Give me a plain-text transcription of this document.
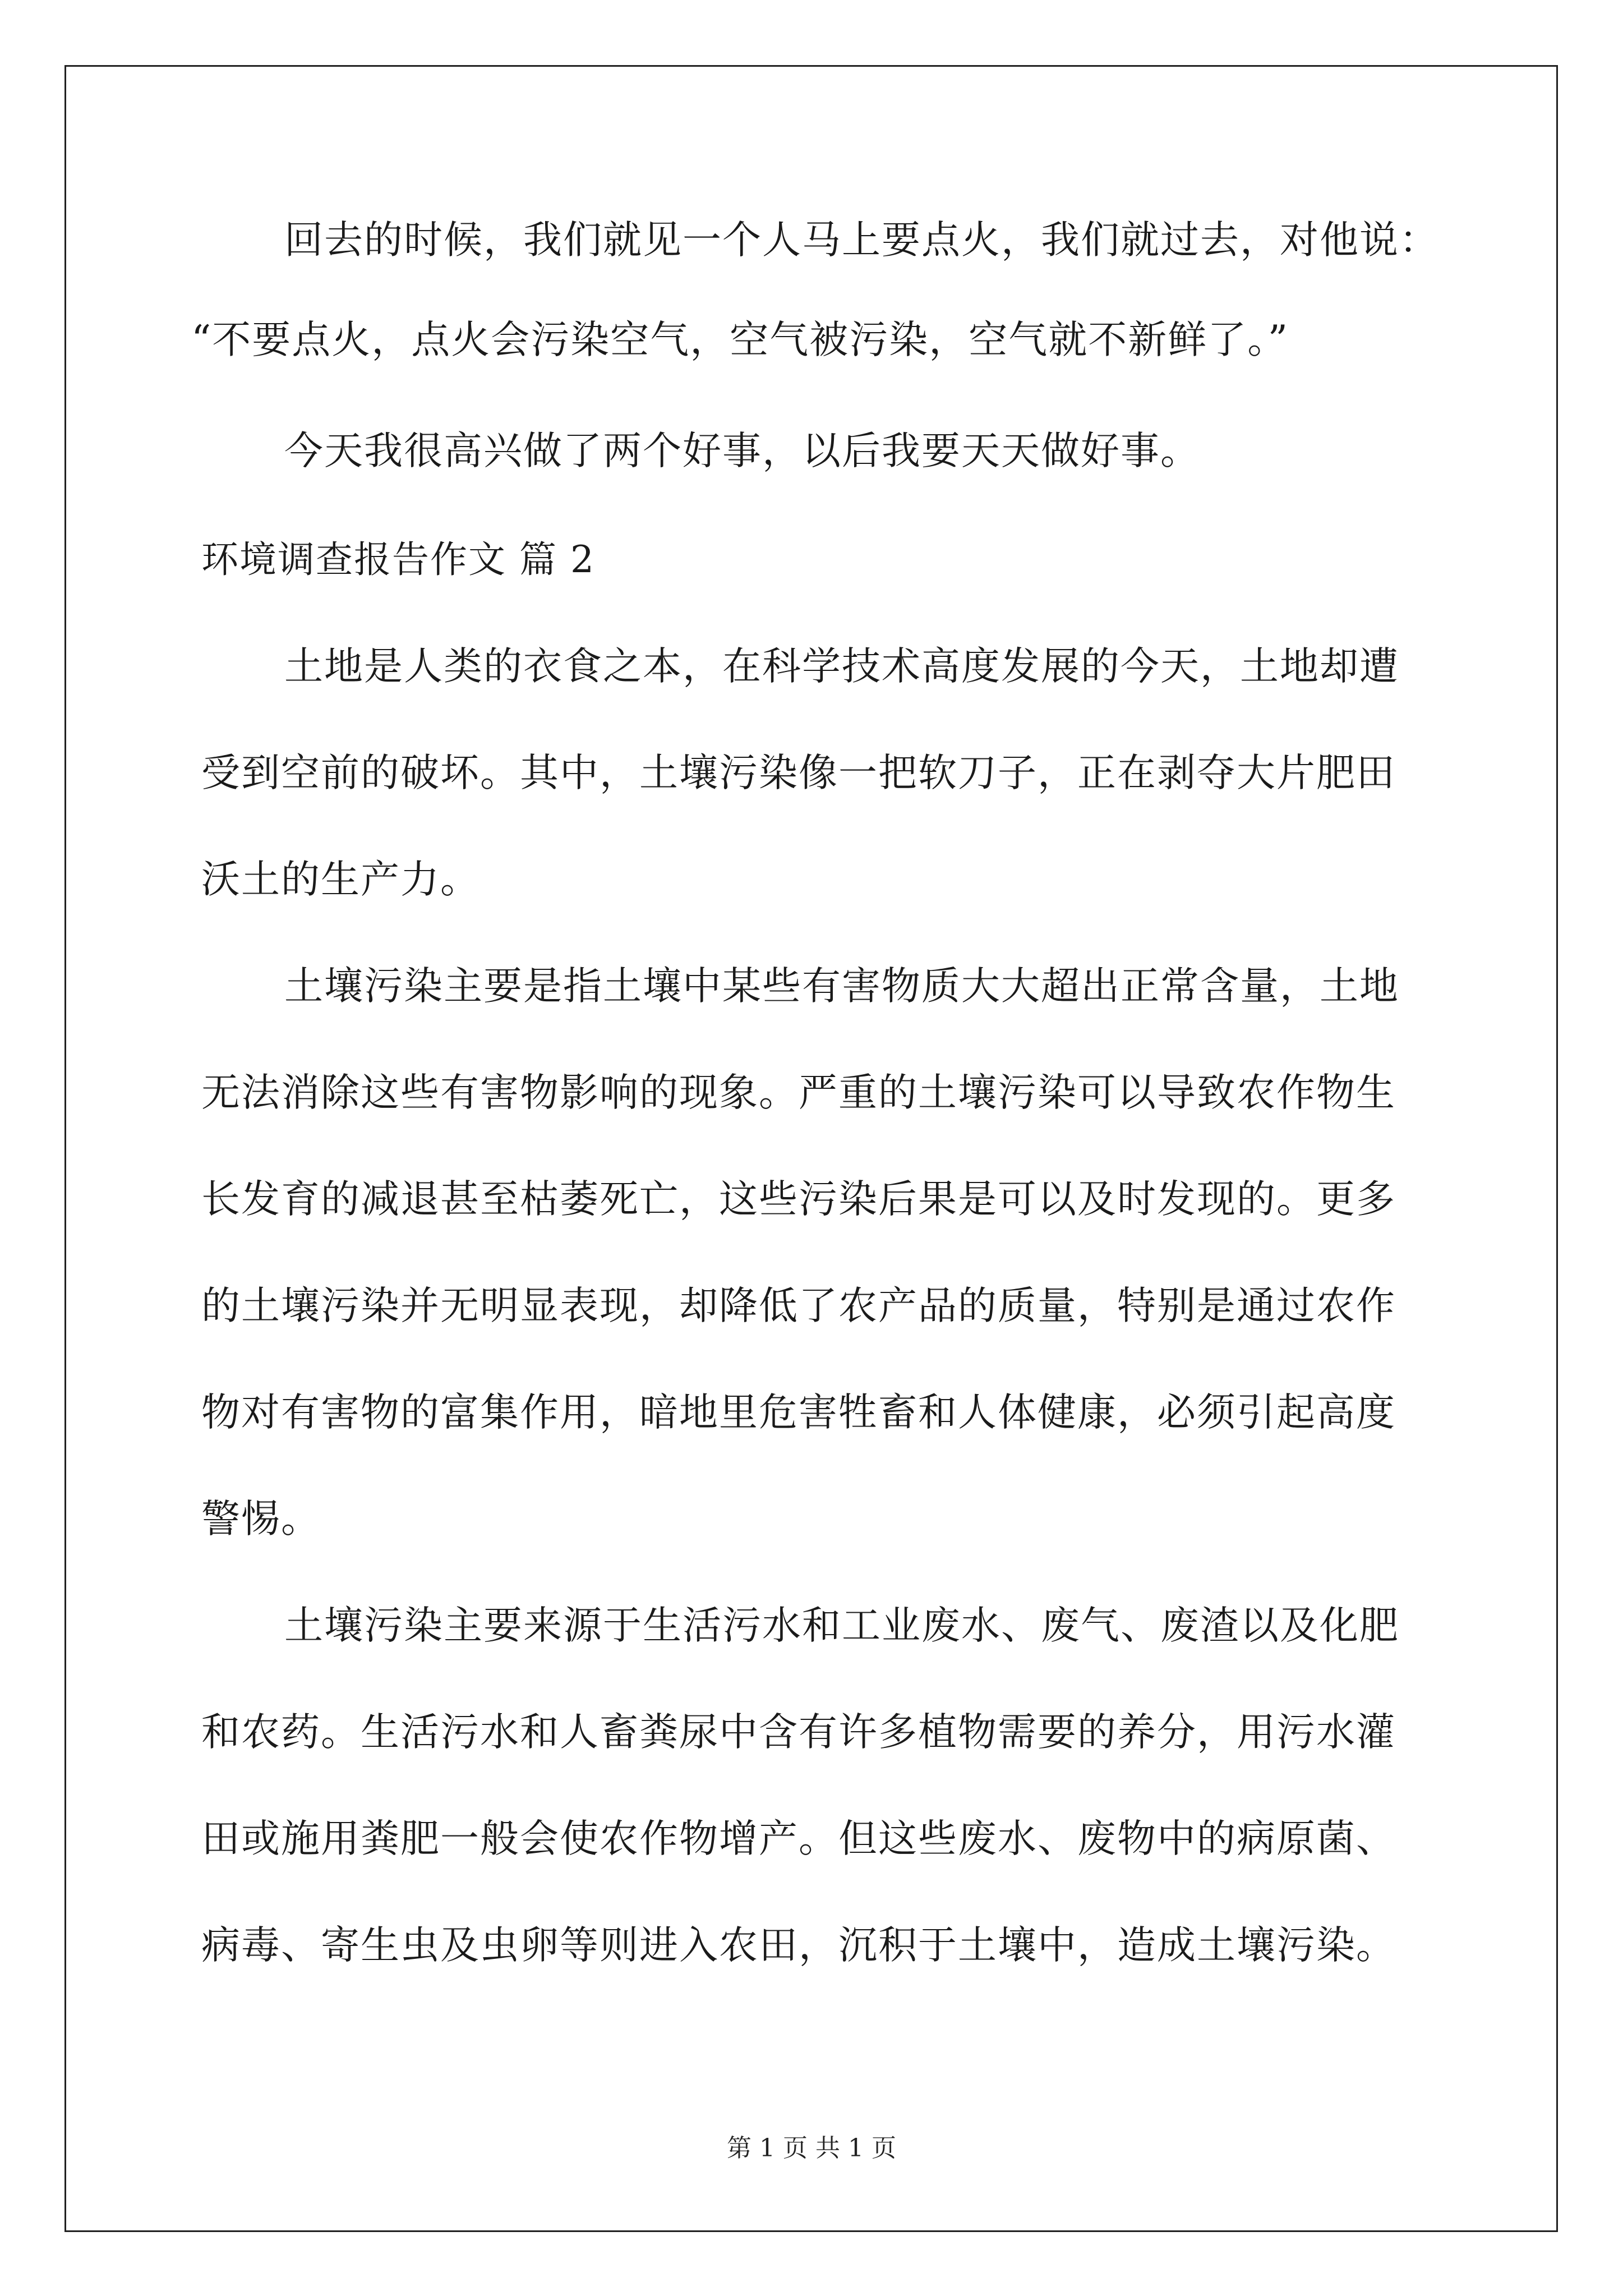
回去的时候，我们就见一个人马上要点火，我们就过去，对他说：

“不要点火，点火会污染空气，空气被污染，空气就不新鲜了。”

今天我很高兴做了两个好事，以后我要天天做好事。

环境调查报告作文 篇 2

土地是人类的衣食之本，在科学技术高度发展的今天，土地却遭

受到空前的破坏。其中，土壤污染像一把软刀子，正在剥夺大片肥田

沃土的生产力。

土壤污染主要是指土壤中某些有害物质大大超出正常含量，土地

无法消除这些有害物影响的现象。严重的土壤污染可以导致农作物生

长发育的减退甚至枯萎死亡，这些污染后果是可以及时发现的。更多

的土壤污染并无明显表现，却降低了农产品的质量，特别是通过农作

物对有害物的富集作用，暗地里危害牲畜和人体健康，必须引起高度

警惕。

土壤污染主要来源于生活污水和工业废水、废气、废渣以及化肥

和农药。生活污水和人畜粪尿中含有许多植物需要的养分，用污水灌

田或施用粪肥一般会使农作物增产。但这些废水、废物中的病原菌、

病毒、寄生虫及虫卵等则进入农田，沉积于土壤中，造成土壤污染。

第 1 页 共 1 页
